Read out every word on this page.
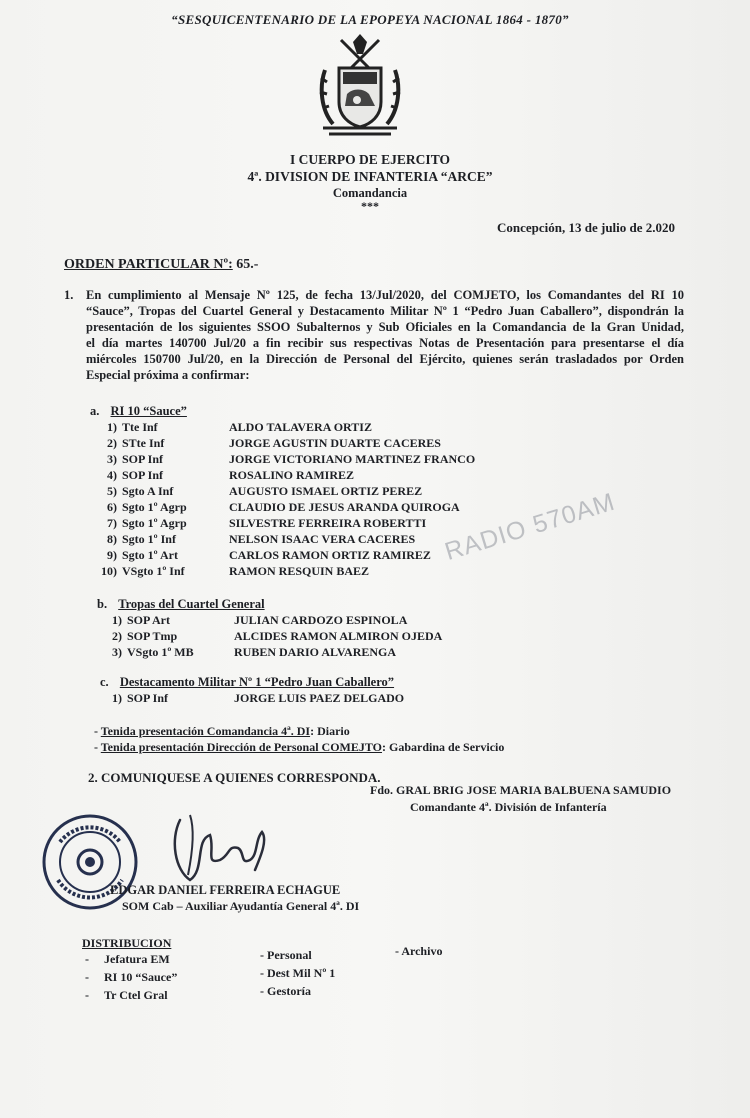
“SESQUICENTENARIO DE LA EPOPEYA NACIONAL 1864 - 1870”
I CUERPO DE EJERCITO
4ª. DIVISION DE INFANTERIA “ARCE”
Comandancia
***
Concepción, 13 de julio de 2.020
ORDEN PARTICULAR Nº: 65.-
1. En cumplimiento al Mensaje Nº 125, de fecha 13/Jul/2020, del COMJETO, los Comandantes del RI 10
“Sauce”, Tropas del Cuartel General y Destacamento Militar Nº 1 “Pedro Juan Caballero”, dispondrán la
presentación de los siguientes SSOO Subalternos y Sub Oficiales en la Comandancia de la Gran Unidad,
el día martes 140700 Jul/20 a fin recibir sus respectivas Notas de Presentación para presentarse el día
miércoles 150700 Jul/20, en la Dirección de Personal del Ejército, quienes serán trasladados por Orden
Especial próxima a confirmar:
a. RI 10 “Sauce”
1) Tte Inf	ALDO TALAVERA ORTIZ
2) STte Inf	JORGE AGUSTIN DUARTE CACERES
3) SOP Inf	JORGE VICTORIANO MARTINEZ FRANCO
4) SOP Inf	ROSALINO RAMIREZ
5) Sgto A Inf	AUGUSTO ISMAEL ORTIZ PEREZ
6) Sgto 1º Agrp	CLAUDIO DE JESUS ARANDA QUIROGA
7) Sgto 1º Agrp	SILVESTRE FERREIRA ROBERTTI
8) Sgto 1º Inf	NELSON ISAAC VERA CACERES
9) Sgto 1º Art	CARLOS RAMON ORTIZ RAMIREZ
10) VSgto 1º Inf	RAMON RESQUIN BAEZ
b. Tropas del Cuartel General
1) SOP Art	JULIAN CARDOZO ESPINOLA
2) SOP Tmp	ALCIDES RAMON ALMIRON OJEDA
3) VSgto 1º MB	RUBEN DARIO ALVARENGA
c. Destacamento Militar Nº 1 “Pedro Juan Caballero”
1) SOP Inf	JORGE LUIS PAEZ DELGADO
- Tenida presentación Comandancia 4ª. DI: Diario
- Tenida presentación Dirección de Personal COMEJTO: Gabardina de Servicio
2. COMUNIQUESE A QUIENES CORRESPONDA.
Fdo. GRAL BRIG JOSE MARIA BALBUENA SAMUDIO
Comandante 4ª. División de Infantería
EDGAR DANIEL FERREIRA ECHAGUE
SOM Cab – Auxiliar Ayudantía General 4ª. DI
RADIO 570AM
DISTRIBUCION
-     Jefatura EM
-     RI 10 “Sauce”
-     Tr Ctel Gral
- Personal
- Dest Mil Nº 1
- Gestoría
- Archivo
